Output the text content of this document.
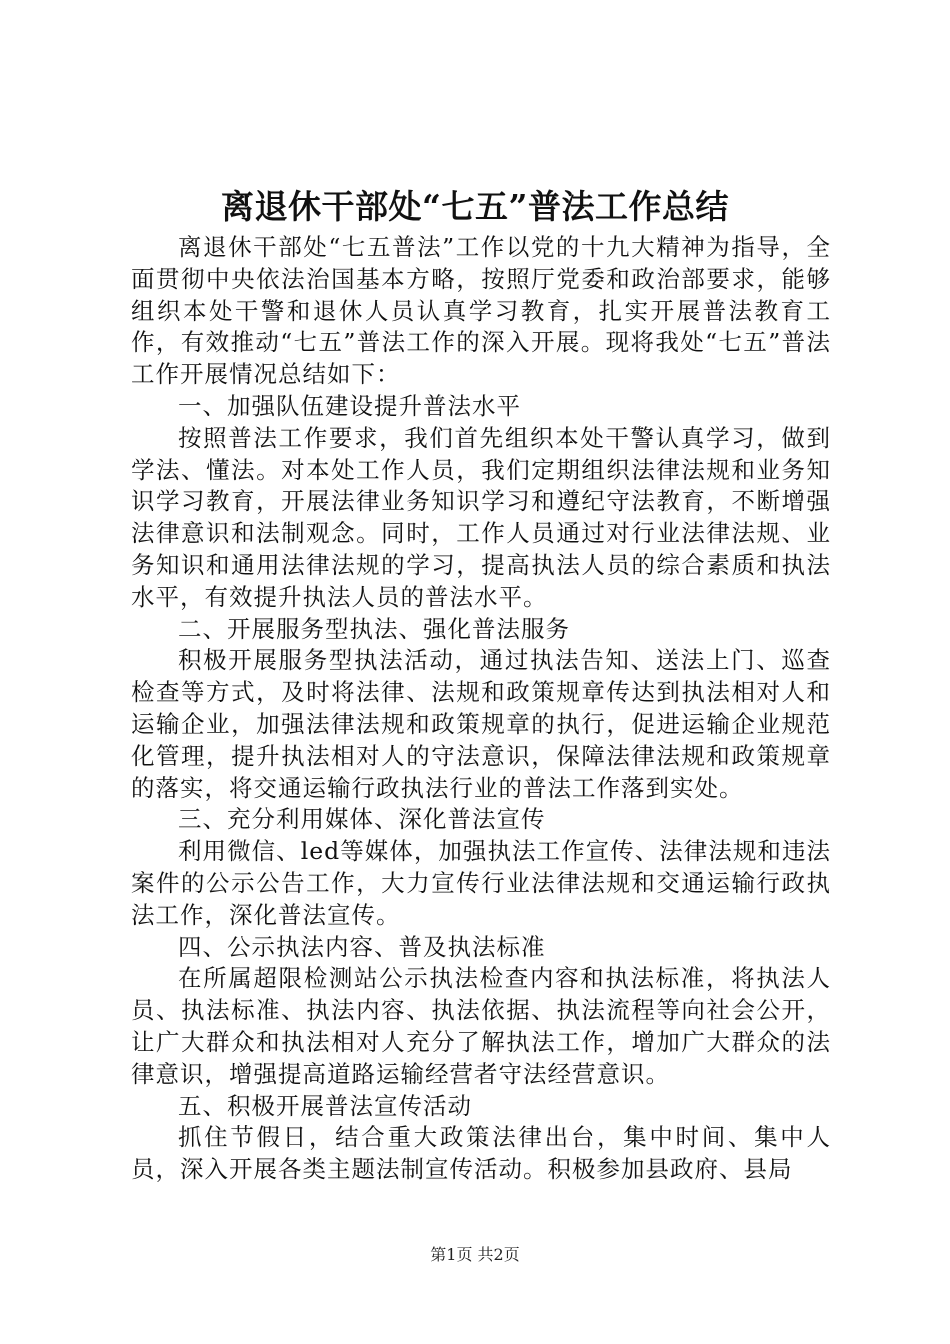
离退休干部处“七五”普法工作总结

离退休干部处“七五普法”工作以党的十九大精神为指导，全面贯彻中央依法治国基本方略，按照厅党委和政治部要求，能够组织本处干警和退休人员认真学习教育，扎实开展普法教育工作，有效推动“七五”普法工作的深入开展。现将我处“七五”普法工作开展情况总结如下：

一、加强队伍建设提升普法水平

按照普法工作要求，我们首先组织本处干警认真学习，做到学法、懂法。对本处工作人员，我们定期组织法律法规和业务知识学习教育，开展法律业务知识学习和遵纪守法教育，不断增强法律意识和法制观念。同时，工作人员通过对行业法律法规、业务知识和通用法律法规的学习，提高执法人员的综合素质和执法水平，有效提升执法人员的普法水平。

二、开展服务型执法、强化普法服务

积极开展服务型执法活动，通过执法告知、送法上门、巡查检查等方式，及时将法律、法规和政策规章传达到执法相对人和运输企业，加强法律法规和政策规章的执行，促进运输企业规范化管理，提升执法相对人的守法意识，保障法律法规和政策规章的落实，将交通运输行政执法行业的普法工作落到实处。

三、充分利用媒体、深化普法宣传

利用微信、led等媒体，加强执法工作宣传、法律法规和违法案件的公示公告工作，大力宣传行业法律法规和交通运输行政执法工作，深化普法宣传。

四、公示执法内容、普及执法标准

在所属超限检测站公示执法检查内容和执法标准，将执法人员、执法标准、执法内容、执法依据、执法流程等向社会公开，让广大群众和执法相对人充分了解执法工作，增加广大群众的法律意识，增强提高道路运输经营者守法经营意识。

五、积极开展普法宣传活动

抓住节假日，结合重大政策法律出台，集中时间、集中人员，深入开展各类主题法制宣传活动。积极参加县政府、县局

第1页 共2页
